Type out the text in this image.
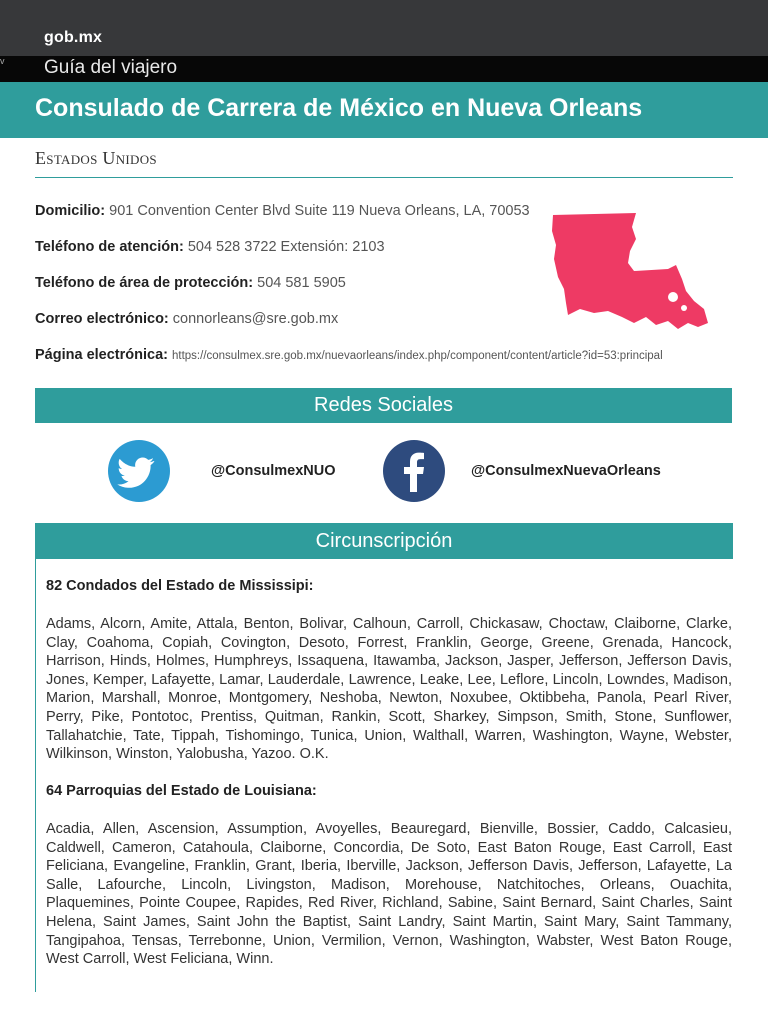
gob.mx
v Guía del viajero
Consulado de Carrera de México en Nueva Orleans
Estados Unidos
Domicilio: 901 Convention Center Blvd Suite 119 Nueva Orleans, LA, 70053
Teléfono de atención: 504 528 3722 Extensión: 2103
Teléfono de área de protección: 504 581 5905
Correo electrónico: connorleans@sre.gob.mx
Página electrónica: https://consulmex.sre.gob.mx/nuevaorleans/index.php/component/content/article?id=53:principal
Redes Sociales
@ConsulmexNUO	@ConsulmexNuevaOrleans
Circunscripción
82 Condados del Estado de Mississipi:
Adams, Alcorn, Amite, Attala, Benton, Bolivar, Calhoun, Carroll, Chickasaw, Choctaw, Claiborne, Clarke, Clay, Coahoma, Copiah, Covington, Desoto, Forrest, Franklin, George, Greene, Grenada, Hancock, Harrison, Hinds, Holmes, Humphreys, Issaquena, Itawamba, Jackson, Jasper, Jefferson, Jefferson Davis, Jones, Kemper, Lafayette, Lamar, Lauderdale, Lawrence, Leake, Lee, Leflore, Lincoln, Lowndes, Madison, Marion, Marshall, Monroe, Montgomery, Neshoba, Newton, Noxubee, Oktibbeha, Panola, Pearl River, Perry, Pike, Pontotoc, Prentiss, Quitman, Rankin, Scott, Sharkey, Simpson, Smith, Stone, Sunflower, Tallahatchie, Tate, Tippah, Tishomingo, Tunica, Union, Walthall, Warren, Washington, Wayne, Webster, Wilkinson, Winston, Yalobusha, Yazoo. O.K.
64 Parroquias del Estado de Louisiana:
Acadia, Allen, Ascension, Assumption, Avoyelles, Beauregard, Bienville, Bossier, Caddo, Calcasieu, Caldwell, Cameron, Catahoula, Claiborne, Concordia, De Soto, East Baton Rouge, East Carroll, East Feliciana, Evangeline, Franklin, Grant, Iberia, Iberville, Jackson, Jefferson Davis, Jefferson, Lafayette, La Salle, Lafourche, Lincoln, Livingston, Madison, Morehouse, Natchitoches, Orleans, Ouachita, Plaquemines, Pointe Coupee, Rapides, Red River, Richland, Sabine, Saint Bernard, Saint Charles, Saint Helena, Saint James, Saint John the Baptist, Saint Landry, Saint Martin, Saint Mary, Saint Tammany, Tangipahoa, Tensas, Terrebonne, Union, Vermilion, Vernon, Washington, Wabster, West Baton Rouge, West Carroll, West Feliciana, Winn.
